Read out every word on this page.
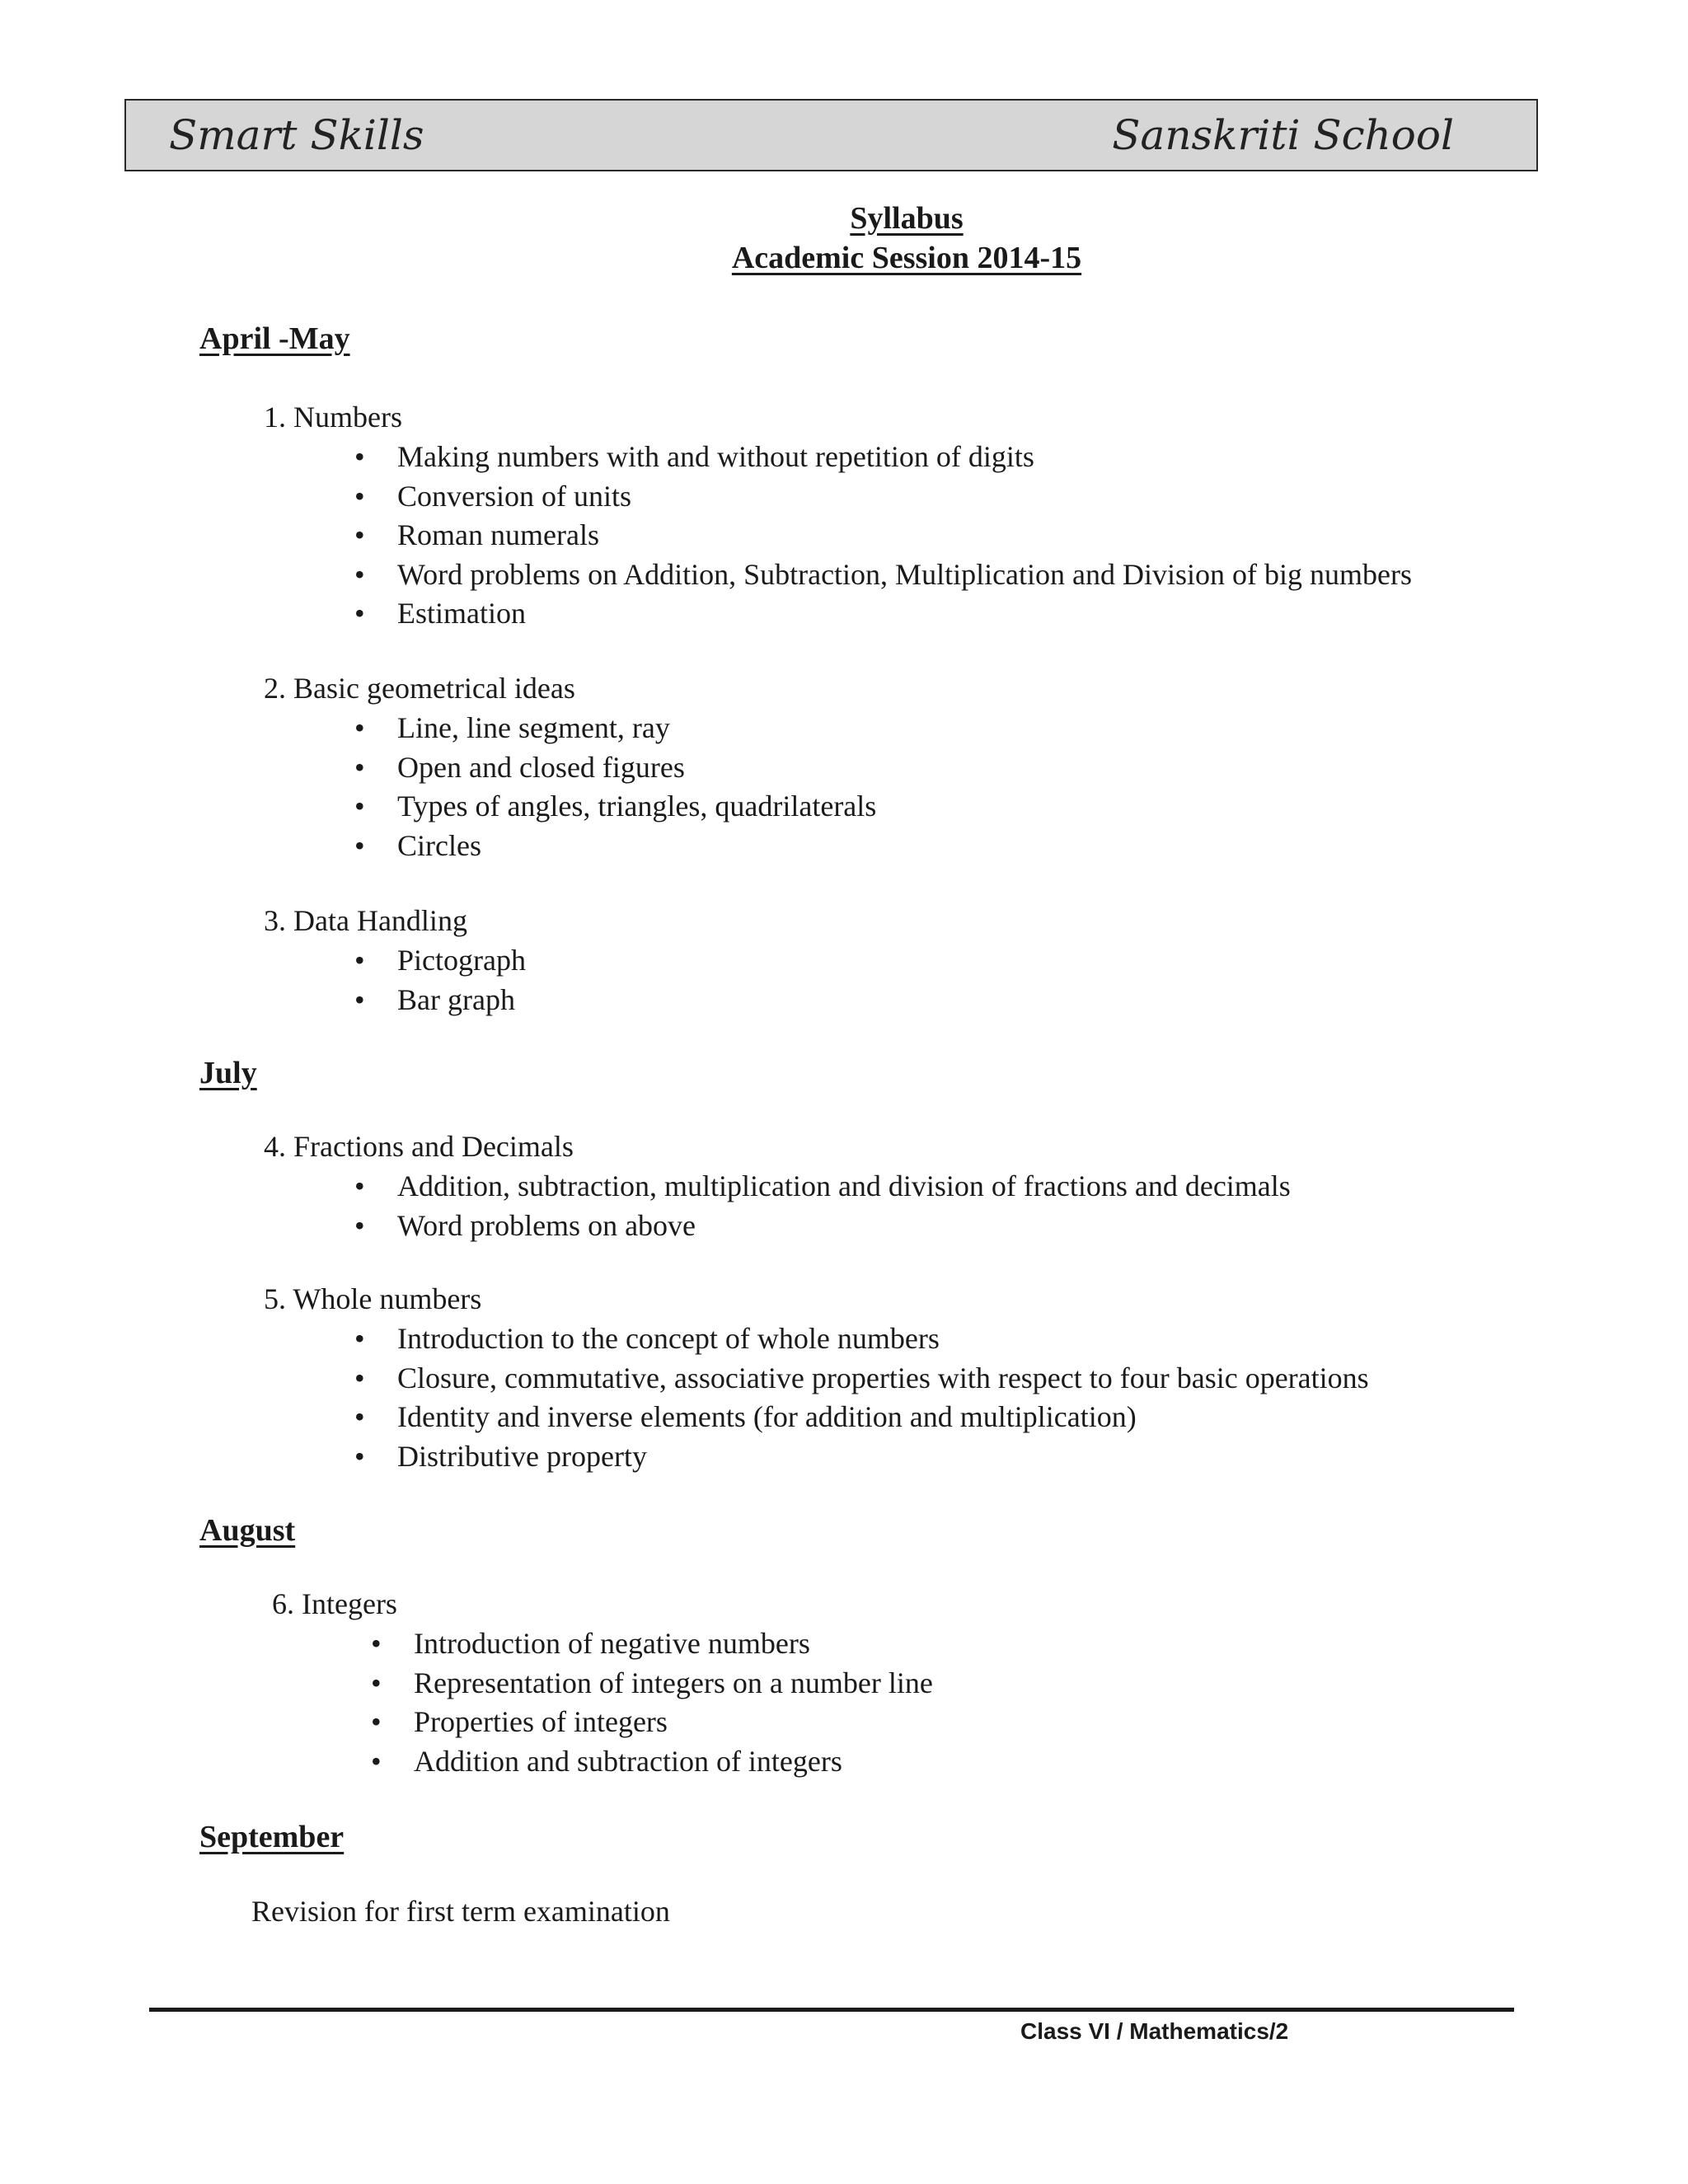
Smart Skills	Sanskriti School
Syllabus
Academic Session 2014-15
April -May
1. Numbers
• Making numbers with and without repetition of digits
• Conversion of units
• Roman numerals
• Word problems on Addition, Subtraction, Multiplication and Division of big numbers
• Estimation
2. Basic geometrical ideas
• Line, line segment, ray
• Open and closed figures
• Types of angles, triangles, quadrilaterals
• Circles
3. Data Handling
• Pictograph
• Bar graph
July
4. Fractions and Decimals
• Addition, subtraction, multiplication and division of fractions and decimals
• Word problems on above
5. Whole numbers
• Introduction to the concept of whole numbers
• Closure, commutative, associative properties with respect to four basic operations
• Identity and inverse elements (for addition and multiplication)
• Distributive property
August
6. Integers
• Introduction of negative numbers
• Representation of integers on a number line
• Properties of integers
• Addition and subtraction of integers
September
Revision for first term examination
Class VI / Mathematics/2
